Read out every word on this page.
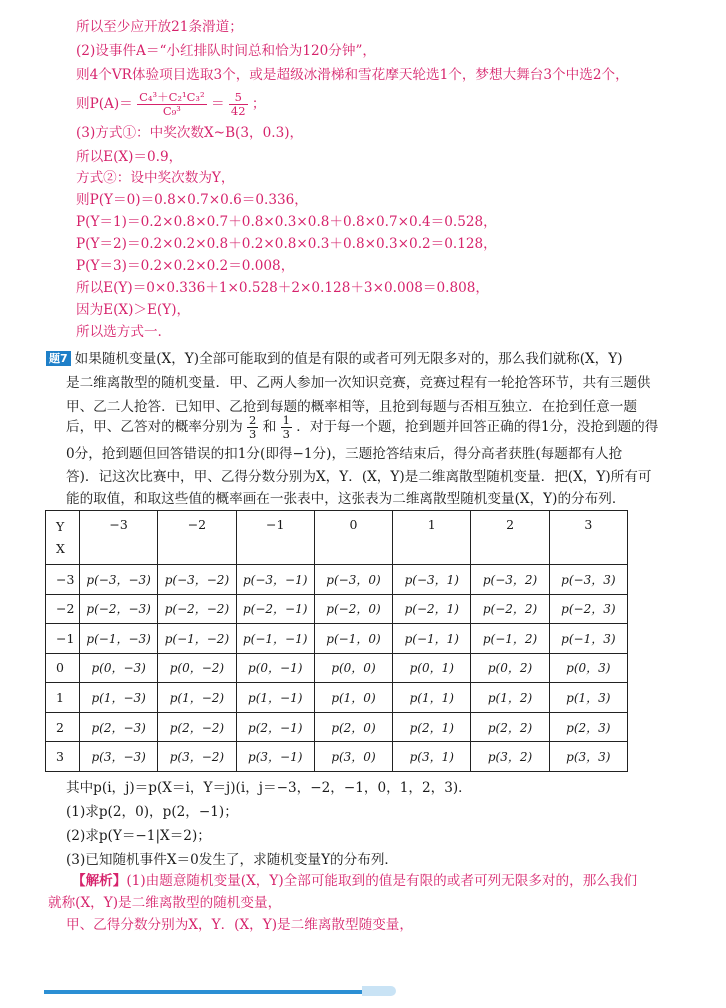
所以至少应开放21条滑道；
(2)设事件A＝“小红排队时间总和恰为120分钟”，
则4个VR体验项目选取3个，或是超级冰滑梯和雪花摩天轮选1个，梦想大舞台3个中选2个，
则$P(A)= \frac{\text{C₄³＋C₂¹C₃²}}{\text{C₉³}} = \frac{5}{42}$ ；
(3)方式①：中奖次数X~B(3，0.3)，
所以E(X)＝0.9，
方式②：设中奖次数为Y，
则P(Y＝0)＝0.8×0.7×0.6＝0.336，
P(Y＝1)＝0.2×0.8×0.7＋0.8×0.3×0.8＋0.8×0.7×0.4＝0.528，
P(Y＝2)＝0.2×0.2×0.8＋0.2×0.8×0.3＋0.8×0.3×0.2＝0.128，
P(Y＝3)＝0.2×0.2×0.2＝0.008，
所以E(Y)＝0×0.336＋1×0.528＋2×0.128＋3×0.008＝0.808，
因为E(X)＞E(Y)，
所以选方式一.
题7 如果随机变量(X，Y)全部可能取到的值是有限的或者可列无限多对的，那么我们就称(X，Y)
是二维离散型的随机变量．甲、乙两人参加一次知识竞赛，竞赛过程有一轮抢答环节，共有三题供
甲、乙二人抢答．已知甲、乙抢到每题的概率相等，且抢到每题与否相互独立．在抢到任意一题
后，甲、乙答对的概率分别为 $\frac{2}{3}$ 和 $\frac{1}{3}$ ．对于每一个题，抢到题并回答正确的得1分，没抢到题的得
0分，抢到题但回答错误的扣1分(即得−1分)，三题抢答结束后，得分高者获胜(每题都有人抢
答)．记这次比赛中，甲、乙得分数分别为X，Y．(X，Y)是二维离散型随机变量．把(X，Y)所有可
能的取值，和取这些值的概率画在一张表中，这张表为二维离散型随机变量(X，Y)的分布列．
Y
X	−3	−2	−1	0	1	2	3
−3	p(−3，−3)	p(−3，−2)	p(−3，−1)	p(−3，0)	p(−3，1)	p(−3，2)	p(−3，3)
−2	p(−2，−3)	p(−2，−2)	p(−2，−1)	p(−2，0)	p(−2，1)	p(−2，2)	p(−2，3)
−1	p(−1，−3)	p(−1，−2)	p(−1，−1)	p(−1，0)	p(−1，1)	p(−1，2)	p(−1，3)
0	p(0，−3)	p(0，−2)	p(0，−1)	p(0，0)	p(0，1)	p(0，2)	p(0，3)
1	p(1，−3)	p(1，−2)	p(1，−1)	p(1，0)	p(1，1)	p(1，2)	p(1，3)
2	p(2，−3)	p(2，−2)	p(2，−1)	p(2，0)	p(2，1)	p(2，2)	p(2，3)
3	p(3，−3)	p(3，−2)	p(3，−1)	p(3，0)	p(3，1)	p(3，2)	p(3，3)
其中p(i，j)＝p(X＝i，Y＝j)(i，j＝−3，−2，−1，0，1，2，3)．
(1)求p(2，0)，p(2，−1)；
(2)求p(Y＝−1|X＝2)；
(3)已知随机事件X＝0发生了，求随机变量Y的分布列．
【解析】(1)由题意随机变量(X，Y)全部可能取到的值是有限的或者可列无限多对的，那么我们
就称(X，Y)是二维离散型的随机变量，
甲、乙得分数分别为X，Y．(X，Y)是二维离散型随变量，
